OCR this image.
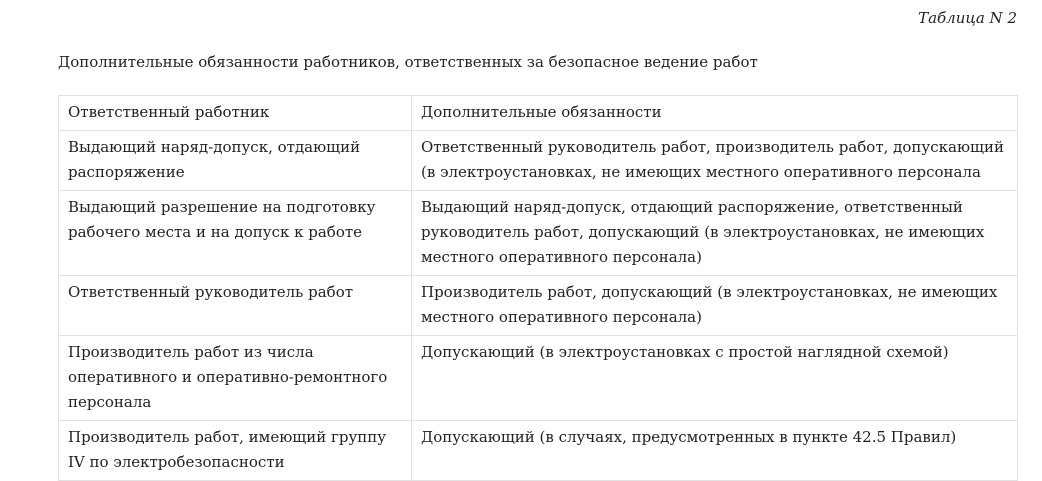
Таблица N 2
Дополнительные обязанности работников, ответственных за безопасное ведение работ
Ответственный работник	Дополнительные обязанности
Выдающий наряд-допуск, отдающий распоряжение	Ответственный руководитель работ, производитель работ, допускающий (в электроустановках, не имеющих местного оперативного персонала
Выдающий разрешение на подготовку рабочего места и на допуск к работе	Выдающий наряд-допуск, отдающий распоряжение, ответственный руководитель работ, допускающий (в электроустановках, не имеющих местного оперативного персонала)
Ответственный руководитель работ	Производитель работ, допускающий (в электроустановках, не имеющих местного оперативного персонала)
Производитель работ из числа оперативного и оперативно-ремонтного персонала	Допускающий (в электроустановках с простой наглядной схемой)
Производитель работ, имеющий группу IV по электробезопасности	Допускающий (в случаях, предусмотренных в пункте 42.5 Правил)
